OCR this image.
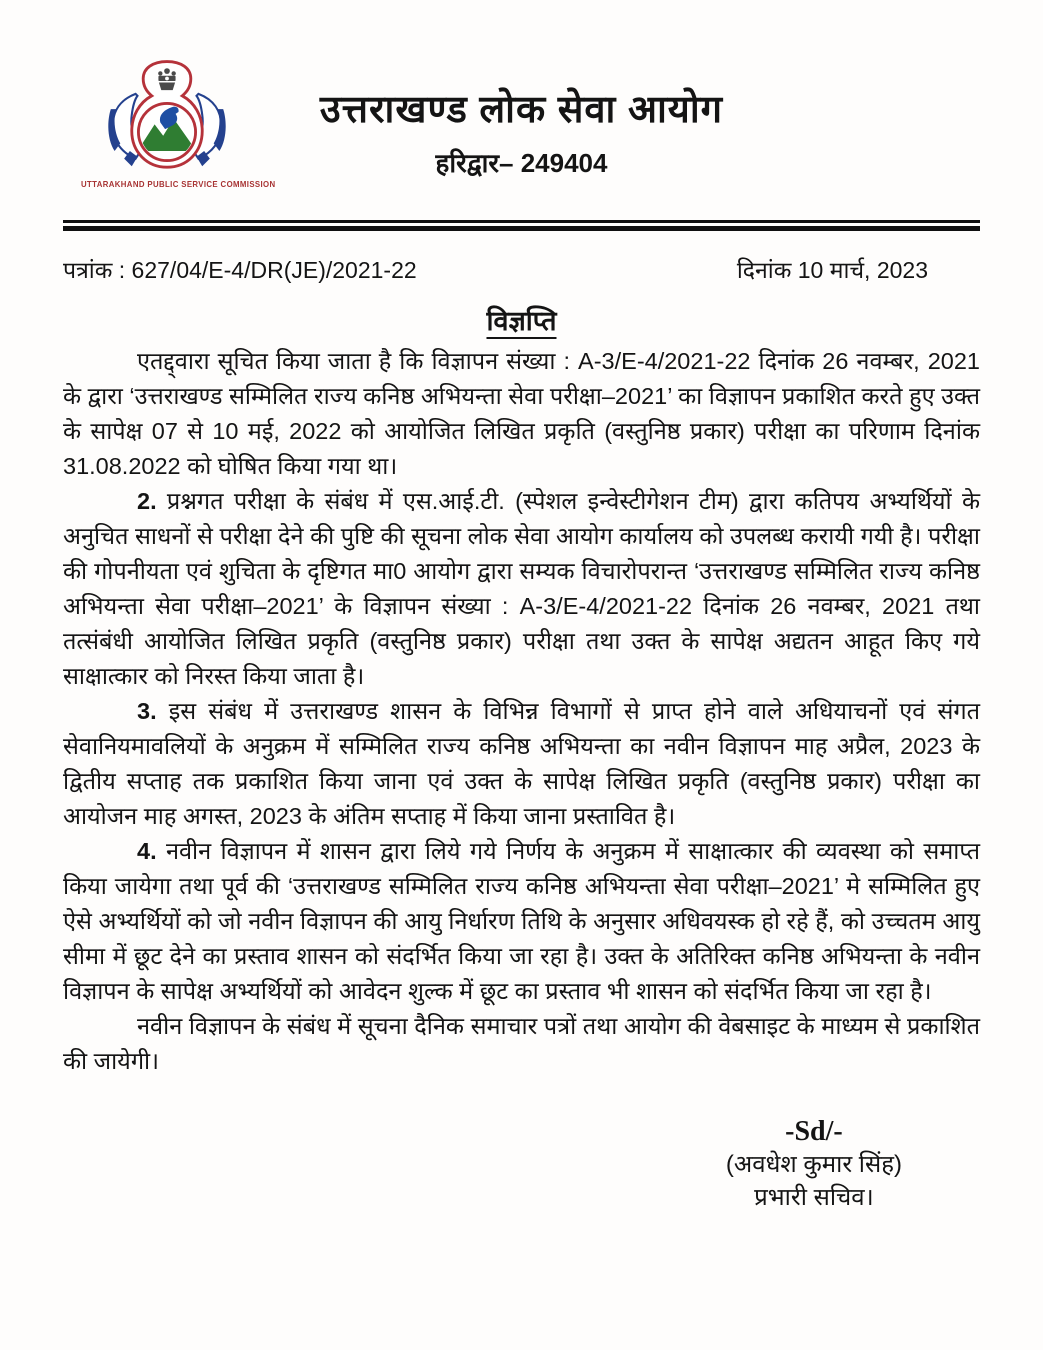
UTTARAKHAND PUBLIC SERVICE COMMISSION
उत्तराखण्ड लोक सेवा आयोग
हरिद्वार– 249404
पत्रांक : 627/04/E-4/DR(JE)/2021-22	दिनांक 10 मार्च, 2023
विज्ञप्ति

एतद्द्वारा सूचित किया जाता है कि विज्ञापन संख्या : A-3/E-4/2021-22 दिनांक 26 नवम्बर, 2021 के द्वारा ‘उत्तराखण्ड सम्मिलित राज्य कनिष्ठ अभियन्ता सेवा परीक्षा–2021’ का विज्ञापन प्रकाशित करते हुए उक्त के सापेक्ष 07 से 10 मई, 2022 को आयोजित लिखित प्रकृति (वस्तुनिष्ठ प्रकार) परीक्षा का परिणाम दिनांक 31.08.2022 को घोषित किया गया था।

2. प्रश्नगत परीक्षा के संबंध में एस.आई.टी. (स्पेशल इन्वेस्टीगेशन टीम) द्वारा कतिपय अभ्यर्थियों के अनुचित साधनों से परीक्षा देने की पुष्टि की सूचना लोक सेवा आयोग कार्यालय को उपलब्ध करायी गयी है। परीक्षा की गोपनीयता एवं शुचिता के दृष्टिगत मा0 आयोग द्वारा सम्यक विचारोपरान्त ‘उत्तराखण्ड सम्मिलित राज्य कनिष्ठ अभियन्ता सेवा परीक्षा–2021’ के विज्ञापन संख्या : A-3/E-4/2021-22 दिनांक 26 नवम्बर, 2021 तथा तत्संबंधी आयोजित लिखित प्रकृति (वस्तुनिष्ठ प्रकार) परीक्षा तथा उक्त के सापेक्ष अद्यतन आहूत किए गये साक्षात्कार को निरस्त किया जाता है।

3. इस संबंध में उत्तराखण्ड शासन के विभिन्न विभागों से प्राप्त होने वाले अधियाचनों एवं संगत सेवानियमावलियों के अनुक्रम में सम्मिलित राज्य कनिष्ठ अभियन्ता का नवीन विज्ञापन माह अप्रैल, 2023 के द्वितीय सप्ताह तक प्रकाशित किया जाना एवं उक्त के सापेक्ष लिखित प्रकृति (वस्तुनिष्ठ प्रकार) परीक्षा का आयोजन माह अगस्त, 2023 के अंतिम सप्ताह में किया जाना प्रस्तावित है।

4. नवीन विज्ञापन में शासन द्वारा लिये गये निर्णय के अनुक्रम में साक्षात्कार की व्यवस्था को समाप्त किया जायेगा तथा पूर्व की ‘उत्तराखण्ड सम्मिलित राज्य कनिष्ठ अभियन्ता सेवा परीक्षा–2021’ मे सम्मिलित हुए ऐसे अभ्यर्थियों को जो नवीन विज्ञापन की आयु निर्धारण तिथि के अनुसार अधिवयस्क हो रहे हैं, को उच्चतम आयु सीमा में छूट देने का प्रस्ताव शासन को संदर्भित किया जा रहा है। उक्त के अतिरिक्त कनिष्ठ अभियन्ता के नवीन विज्ञापन के सापेक्ष अभ्यर्थियों को आवेदन शुल्क में छूट का प्रस्ताव भी शासन को संदर्भित किया जा रहा है।

नवीन विज्ञापन के संबंध में सूचना दैनिक समाचार पत्रों तथा आयोग की वेबसाइट के माध्यम से प्रकाशित की जायेगी।

-Sd/-
(अवधेश कुमार सिंह)
प्रभारी सचिव।
